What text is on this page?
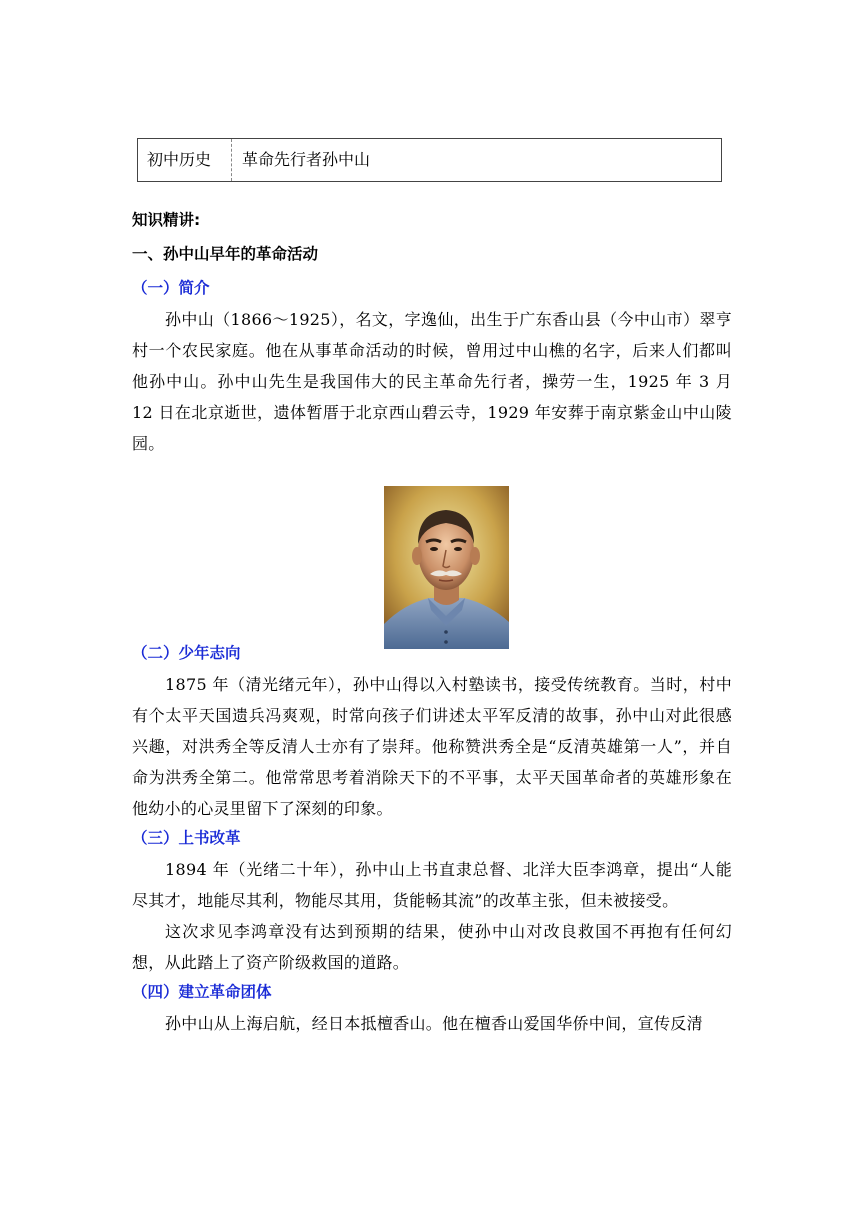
初中历史	革命先行者孙中山

知识精讲:

一、孙中山早年的革命活动

（一）简介

孙中山（1866～1925），名文，字逸仙，出生于广东香山县（今中山市）翠亨村一个农民家庭。他在从事革命活动的时候，曾用过中山樵的名字，后来人们都叫他孙中山。孙中山先生是我国伟大的民主革命先行者，操劳一生，1925 年 3 月 12 日在北京逝世，遗体暂厝于北京西山碧云寺，1929 年安葬于南京紫金山中山陵园。

（二）少年志向

1875 年（清光绪元年），孙中山得以入村塾读书，接受传统教育。当时，村中有个太平天国遗兵冯爽观，时常向孩子们讲述太平军反清的故事，孙中山对此很感兴趣，对洪秀全等反清人士亦有了崇拜。他称赞洪秀全是“反清英雄第一人”，并自命为洪秀全第二。他常常思考着消除天下的不平事，太平天国革命者的英雄形象在他幼小的心灵里留下了深刻的印象。

（三）上书改革

1894 年（光绪二十年），孙中山上书直隶总督、北洋大臣李鸿章，提出“人能尽其才，地能尽其利，物能尽其用，货能畅其流”的改革主张，但未被接受。

这次求见李鸿章没有达到预期的结果，使孙中山对改良救国不再抱有任何幻想，从此踏上了资产阶级救国的道路。

（四）建立革命团体

孙中山从上海启航，经日本抵檀香山。他在檀香山爱国华侨中间，宣传反清
